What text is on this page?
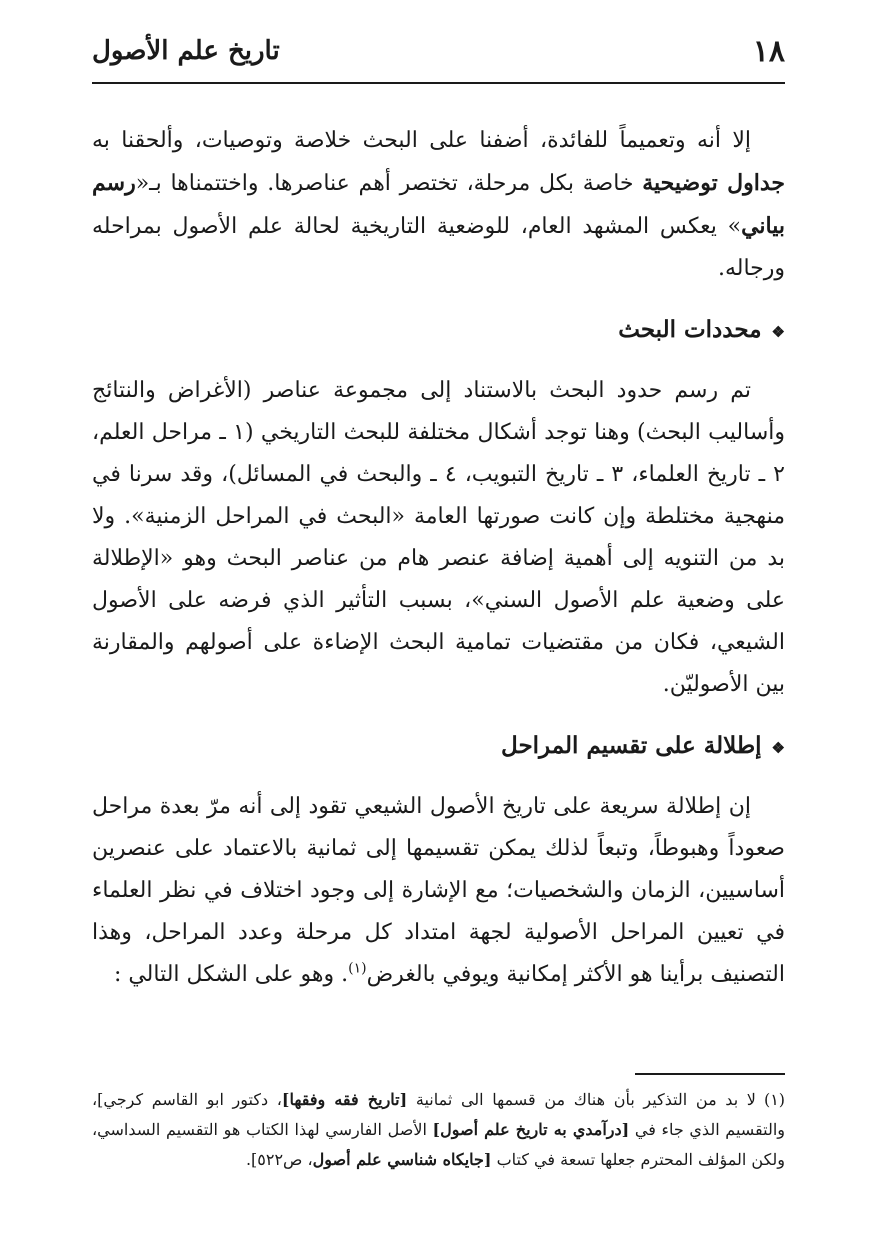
١٨
تاريخ علم الأصول

إلا أنه وتعميماً للفائدة، أضفنا على البحث خلاصة وتوصيات، وألحقنا به جداول توضيحية خاصة بكل مرحلة، تختصر أهم عناصرها. واختتمناها بـ«رسم بياني» يعكس المشهد العام، للوضعية التاريخية لحالة علم الأصول بمراحله ورجاله.

❖محددات البحث

تم رسم حدود البحث بالاستناد إلى مجموعة عناصر (الأغراض والنتائج وأساليب البحث) وهنا توجد أشكال مختلفة للبحث التاريخي (١ ـ مراحل العلم، ٢ ـ تاريخ العلماء، ٣ ـ تاريخ التبويب، ٤ ـ والبحث في المسائل)، وقد سرنا في منهجية مختلطة وإن كانت صورتها العامة «البحث في المراحل الزمنية». ولا بد من التنويه إلى أهمية إضافة عنصر هام من عناصر البحث وهو «الإطلالة على وضعية علم الأصول السني»، بسبب التأثير الذي فرضه على الأصول الشيعي، فكان من مقتضيات تمامية البحث الإضاءة على أصولهم والمقارنة بين الأصوليّن.

❖إطلالة على تقسيم المراحل

إن إطلالة سريعة على تاريخ الأصول الشيعي تقود إلى أنه مرّ بعدة مراحل صعوداً وهبوطاً، وتبعاً لذلك يمكن تقسيمها إلى ثمانية بالاعتماد على عنصرين أساسيين، الزمان والشخصيات؛ مع الإشارة إلى وجود اختلاف في نظر العلماء في تعيين المراحل الأصولية لجهة امتداد كل مرحلة وعدد المراحل، وهذا التصنيف برأينا هو الأكثر إمكانية ويوفي بالغرض$^{(١)}$. وهو على الشكل التالي :

(١)لا بد من التذكير بأن هناك من قسمها الى ثمانية [تاريخ فقه وفقها]، دكتور ابو القاسم كرجي]، والتقسيم الذي جاء في [درآمدي به تاريخ علم أصول] الأصل الفارسي لهذا الكتاب هو التقسيم السداسي، ولكن المؤلف المحترم جعلها تسعة في كتاب [جايكاه شناسي علم أصول، ص٥٢٢].
